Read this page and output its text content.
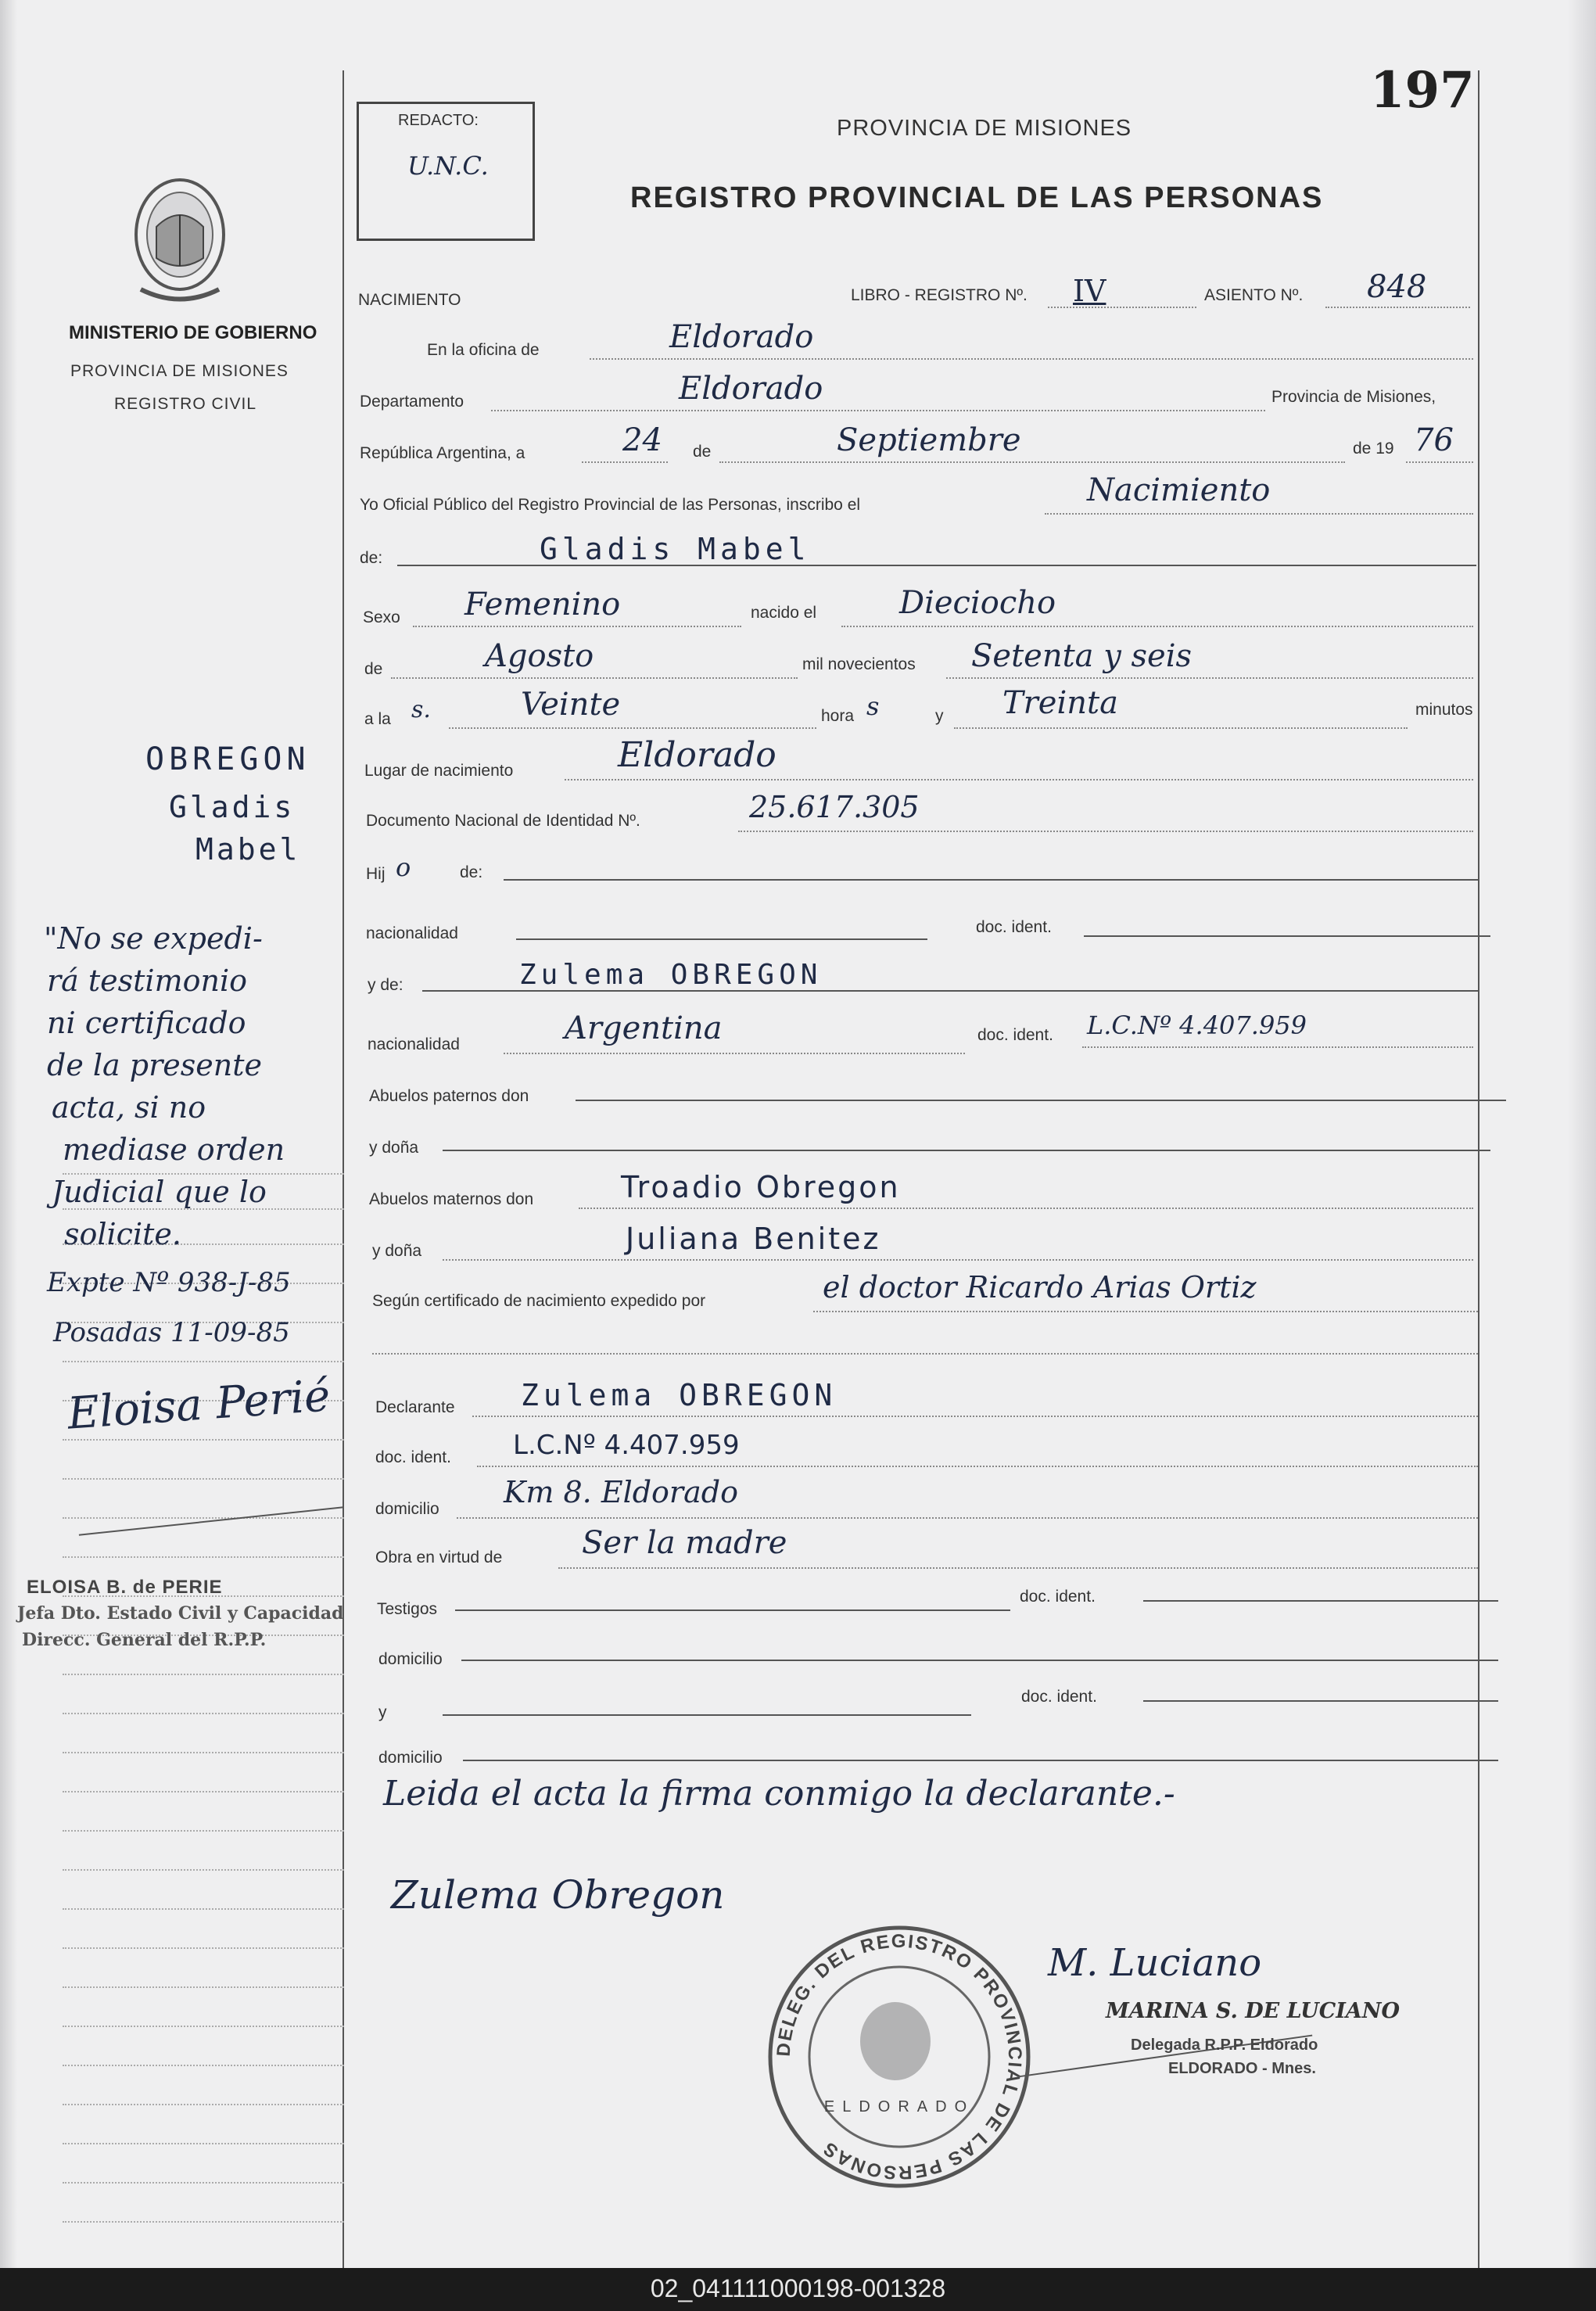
197
REDACTO:
U.N.C.
PROVINCIA DE MISIONES
REGISTRO PROVINCIAL DE LAS PERSONAS
MINISTERIO DE GOBIERNO
PROVINCIA DE MISIONES
REGISTRO CIVIL
NACIMIENTO	LIBRO - REGISTRO Nº. IV	ASIENTO Nº. 848
En la oficina de	Eldorado
Departamento	Eldorado	Provincia de Misiones,
República Argentina, a	24 de	Septiembre	de 19 76
Yo Oficial Público del Registro Provincial de las Personas, inscribo el	Nacimiento
de:	Gladis Mabel
Sexo Femenino	nacido el	Dieciocho
de	Agosto	mil novecientos Setenta y seis
a la s.	Veinte	hora s	y Treinta	minutos
Lugar de nacimiento	Eldorado
Documento Nacional de Identidad Nº.	25.617.305
Hij o	de:
nacionalidad	doc. ident.
y de:	Zulema OBREGON
nacionalidad	Argentina	doc. ident. L.C.Nº 4.407.959
Abuelos paternos don
y doña
Abuelos maternos don	Troadio Obregon
y doña	Juliana Benitez
Según certificado de nacimiento expedido por	el doctor Ricardo Arias Ortiz
Declarante Zulema OBREGON
doc. ident. L.C.Nº 4.407.959
domicilio Km 8. Eldorado
Obra en virtud de	Ser la madre
Testigos
doc. ident.
domicilio
y
doc. ident.
domicilio
Leida el acta la firma conmigo la declarante.-
Zulema Obregon
OBREGON
Gladis
Mabel
"No se expedi-
rá testimonio
ni certificado
de la presente
acta, si no
mediase orden
Judicial que lo
solicite.
Expte Nº 938-J-85
Posadas 11-09-85
Eloisa Perié
ELOISA B. de PERIE
Jefa Dto. Estado Civil y Capacidad
Direcc. General del R.P.P.
DELEG. DEL REGISTRO PROVINCIAL DE LAS PERSONAS
ELDORADO
M. Luciano
MARINA S. DE LUCIANO
Delegada R.P.P. Eldorado
ELDORADO - Mnes.
02_041111000198-001328
